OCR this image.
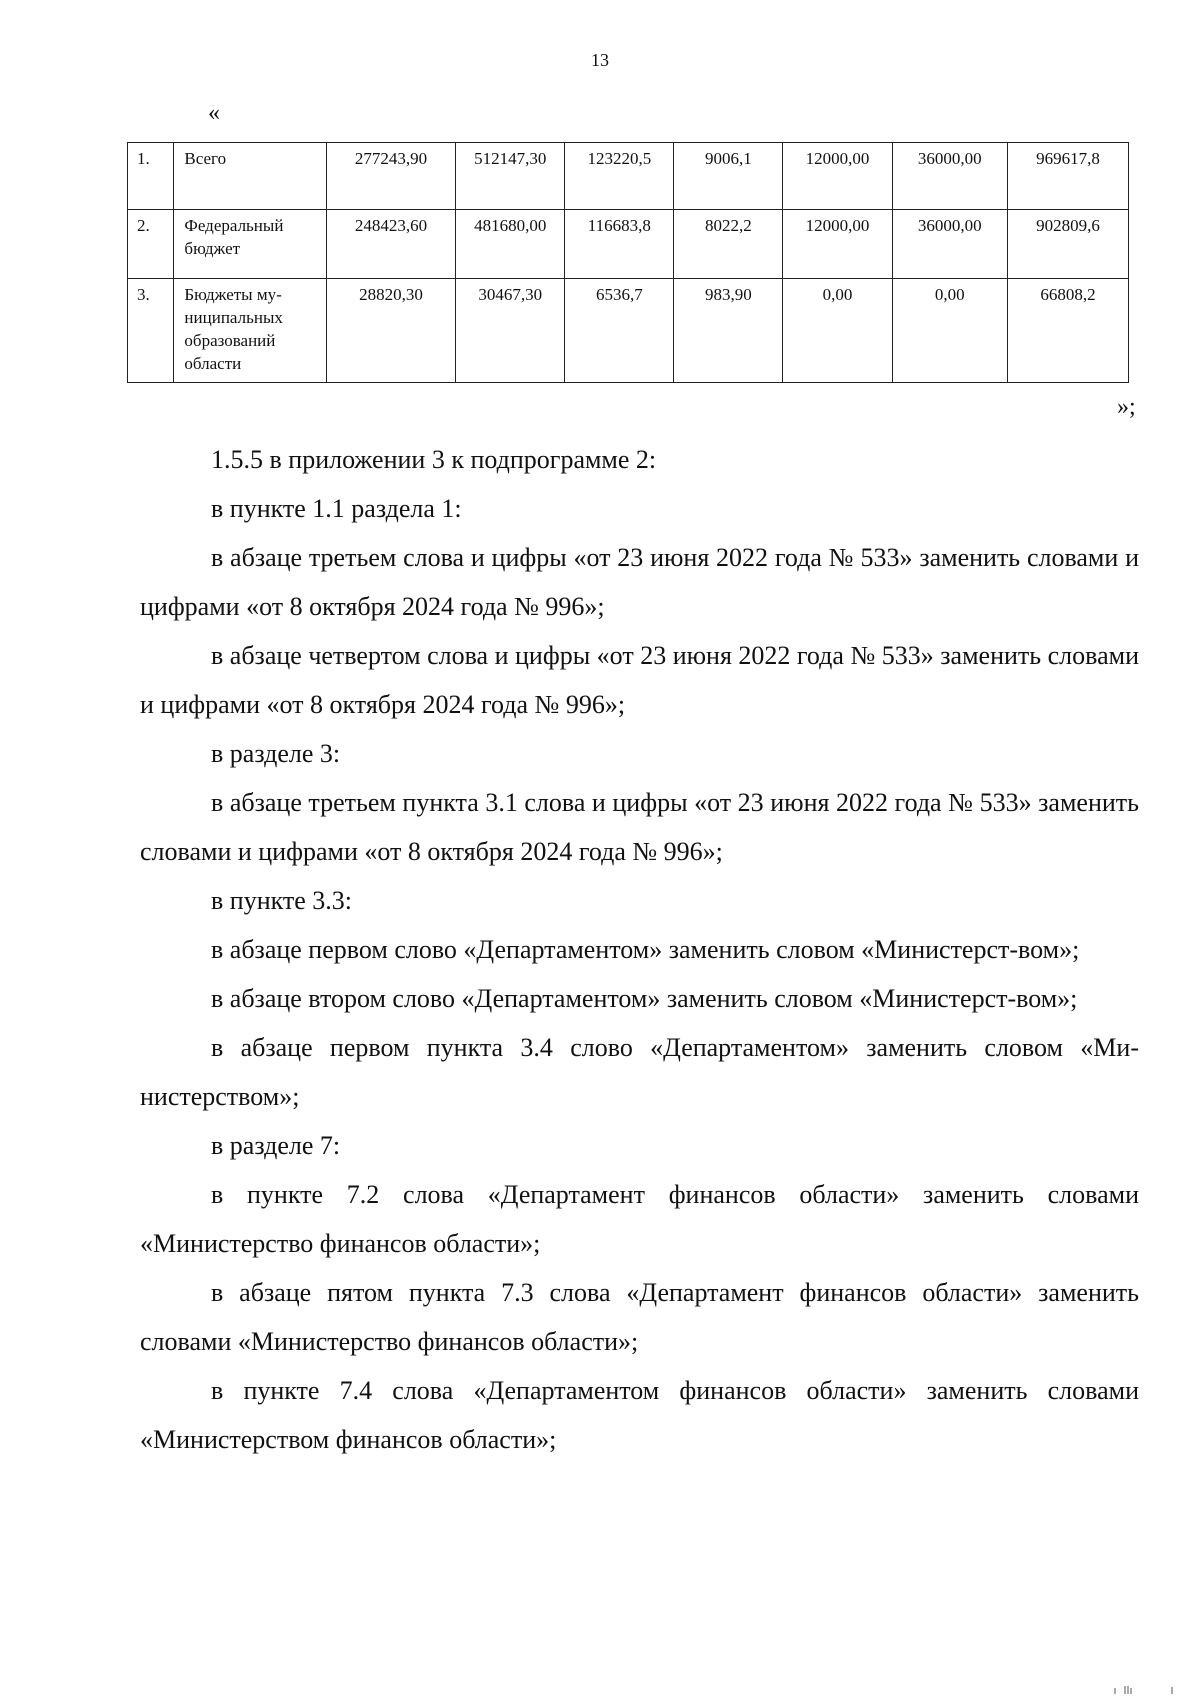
13
«
1.	Всего	277243,90	512147,30	123220,5	9006,1	12000,00	36000,00	969617,8
2.	Федеральный бюджет	248423,60	481680,00	116683,8	8022,2	12000,00	36000,00	902809,6
3.	Бюджеты му-ниципальных образований области	28820,30	30467,30	6536,7	983,90	0,00	0,00	66808,2
»;

1.5.5 в приложении 3 к подпрограмме 2:

в пункте 1.1 раздела 1:

в абзаце третьем слова и цифры «от 23 июня 2022 года № 533» заменить словами и цифрами «от 8 октября 2024 года № 996»;

в абзаце четвертом слова и цифры «от 23 июня 2022 года № 533» заменить словами и цифрами «от 8 октября 2024 года № 996»;

в разделе 3:

в абзаце третьем пункта 3.1 слова и цифры «от 23 июня 2022 года № 533» заменить словами и цифрами «от 8 октября 2024 года № 996»;

в пункте 3.3:

в абзаце первом слово «Департаментом» заменить словом «Министерст-вом»;

в абзаце втором слово «Департаментом» заменить словом «Министерст-вом»;

в абзаце первом пункта 3.4 слово «Департаментом» заменить словом «Ми-нистерством»;

в разделе 7:

в пункте 7.2 слова «Департамент финансов области» заменить словами «Министерство финансов области»;

в абзаце пятом пункта 7.3 слова «Департамент финансов области» заменить словами «Министерство финансов области»;

в пункте 7.4 слова «Департаментом финансов области» заменить словами «Министерством финансов области»;
